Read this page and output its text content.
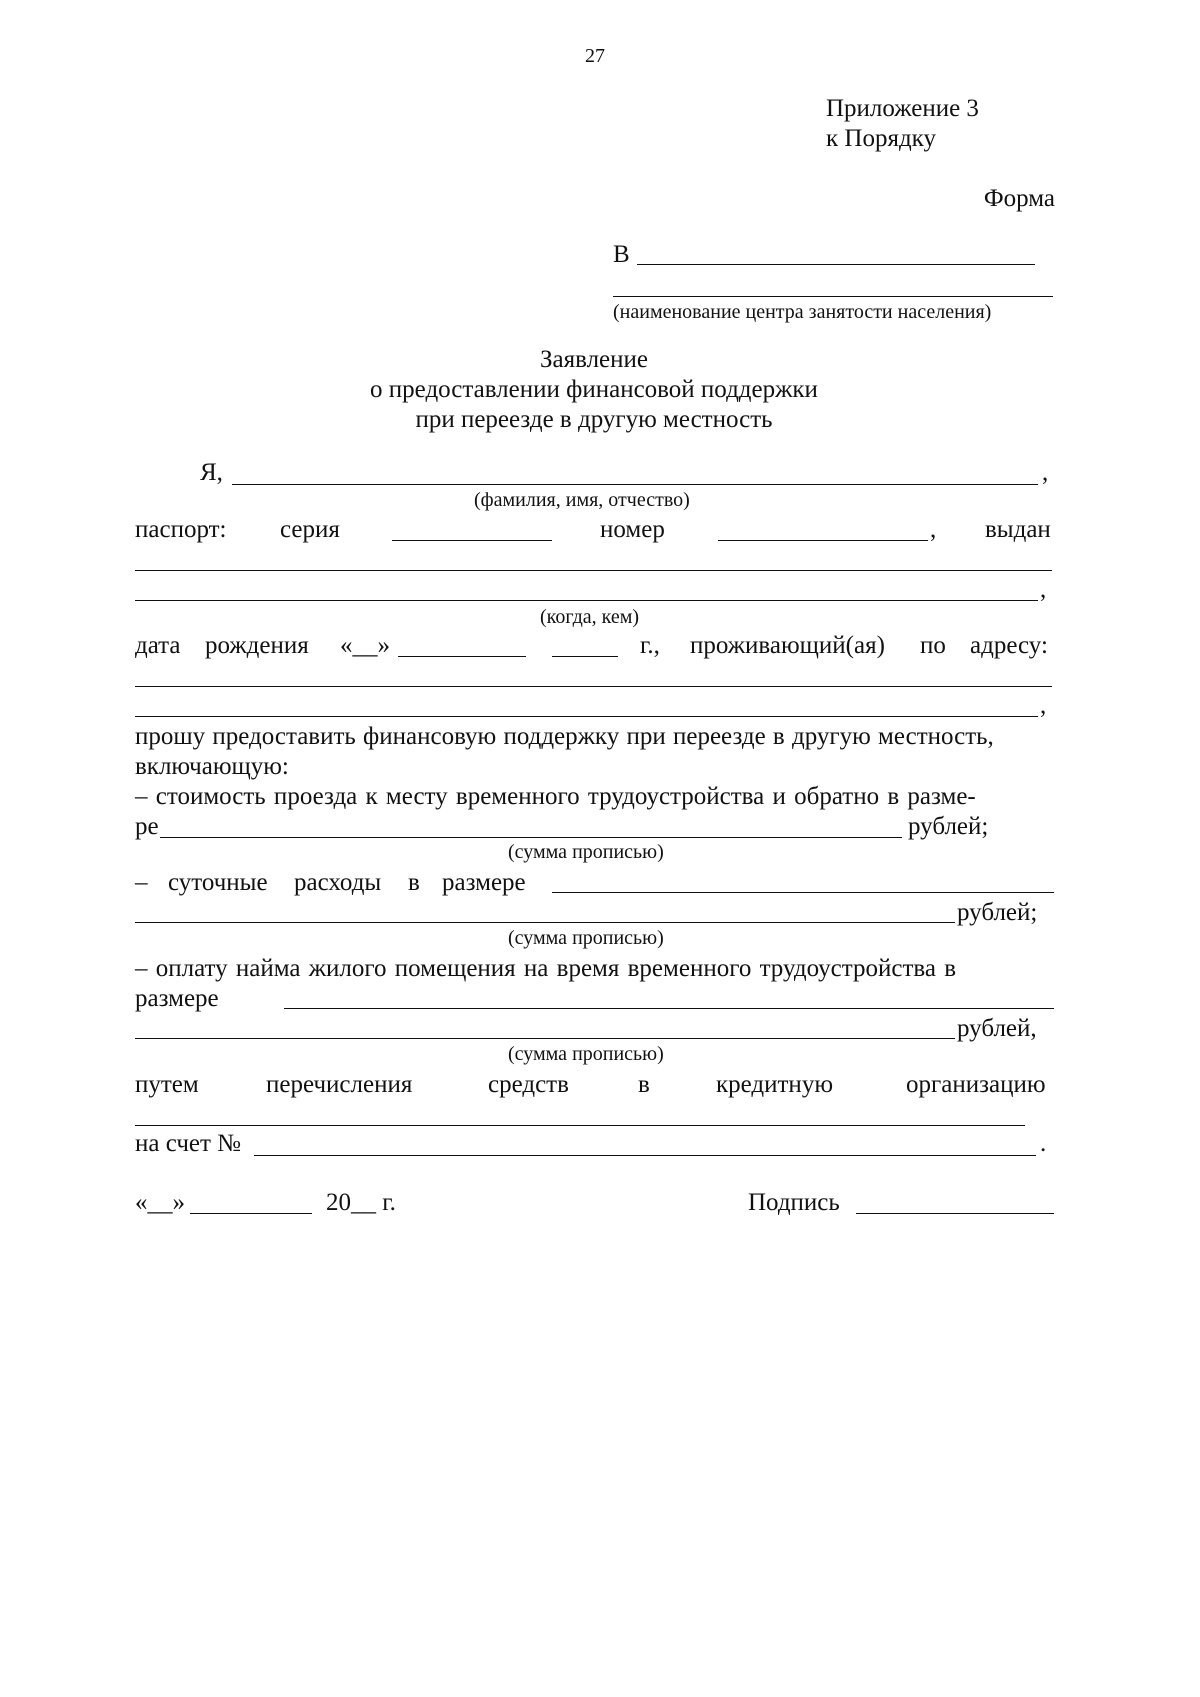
27
Приложение 3
к Порядку
Форма
В
(наименование центра занятости населения)
Заявление
о предоставлении финансовой поддержки
при переезде в другую местность
Я,	,
(фамилия, имя, отчество)
паспорт: серия	номер	, выдан
,
(когда, кем)
дата рождения «__»	г., проживающий(ая) по адресу:
,
прошу предоставить финансовую поддержку при переезде в другую местность,
включающую:
– стоимость проезда к месту временного трудоустройства и обратно в разме-
ре	рублей;
(сумма прописью)
– суточные расходы в размере
рублей;
(сумма прописью)
– оплату найма жилого помещения на время временного трудоустройства в
размере
рублей,
(сумма прописью)
путем	перечисления	средств	в	кредитную	организацию
на счет №	.
«__»	20__ г.	Подпись
